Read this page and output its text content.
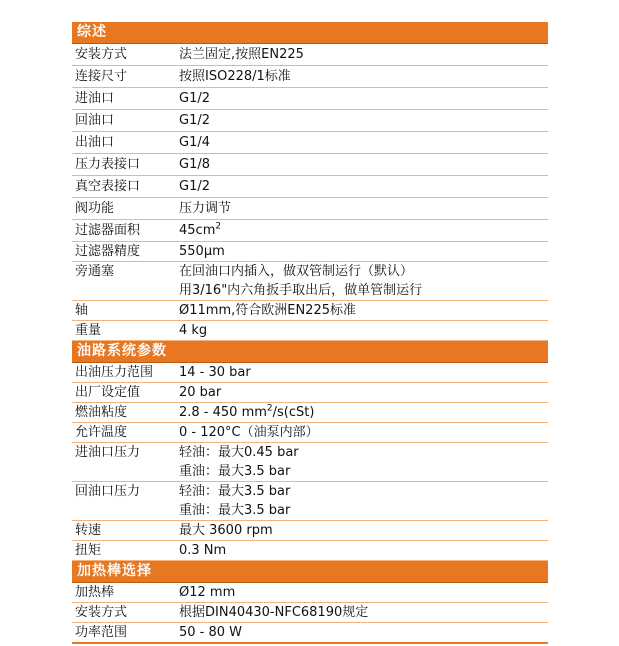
综述
安装方式	法兰固定,按照EN225
连接尺寸	按照ISO228/1标准
进油口	G1/2
回油口	G1/2
出油口	G1/4
压力表接口	G1/8
真空表接口	G1/2
阀功能	压力调节
过滤器面积	$45cm^2$
过滤器精度	550μm
旁通塞	在回油口内插入，做双管制运行（默认）
用3/16"内六角扳手取出后，做单管制运行
轴	Ø11mm,符合欧洲EN225标准
重量	4 kg
油路系统参数
出油压力范围 14 - 30 bar
出厂设定值	20 bar
燃油粘度	2.8 - 450 $mm^2/s(cSt)$
允许温度	0 - 120°C（油泵内部）
进油口压力	轻油：最大0.45 bar
重油：最大3.5 bar
回油口压力	轻油：最大3.5 bar
重油：最大3.5 bar
转速	最大 3600 rpm
扭矩	0.3 Nm
加热棒选择
加热棒	Ø12 mm
安装方式	根据DIN40430-NFC68190规定
功率范围	50 - 80 W
